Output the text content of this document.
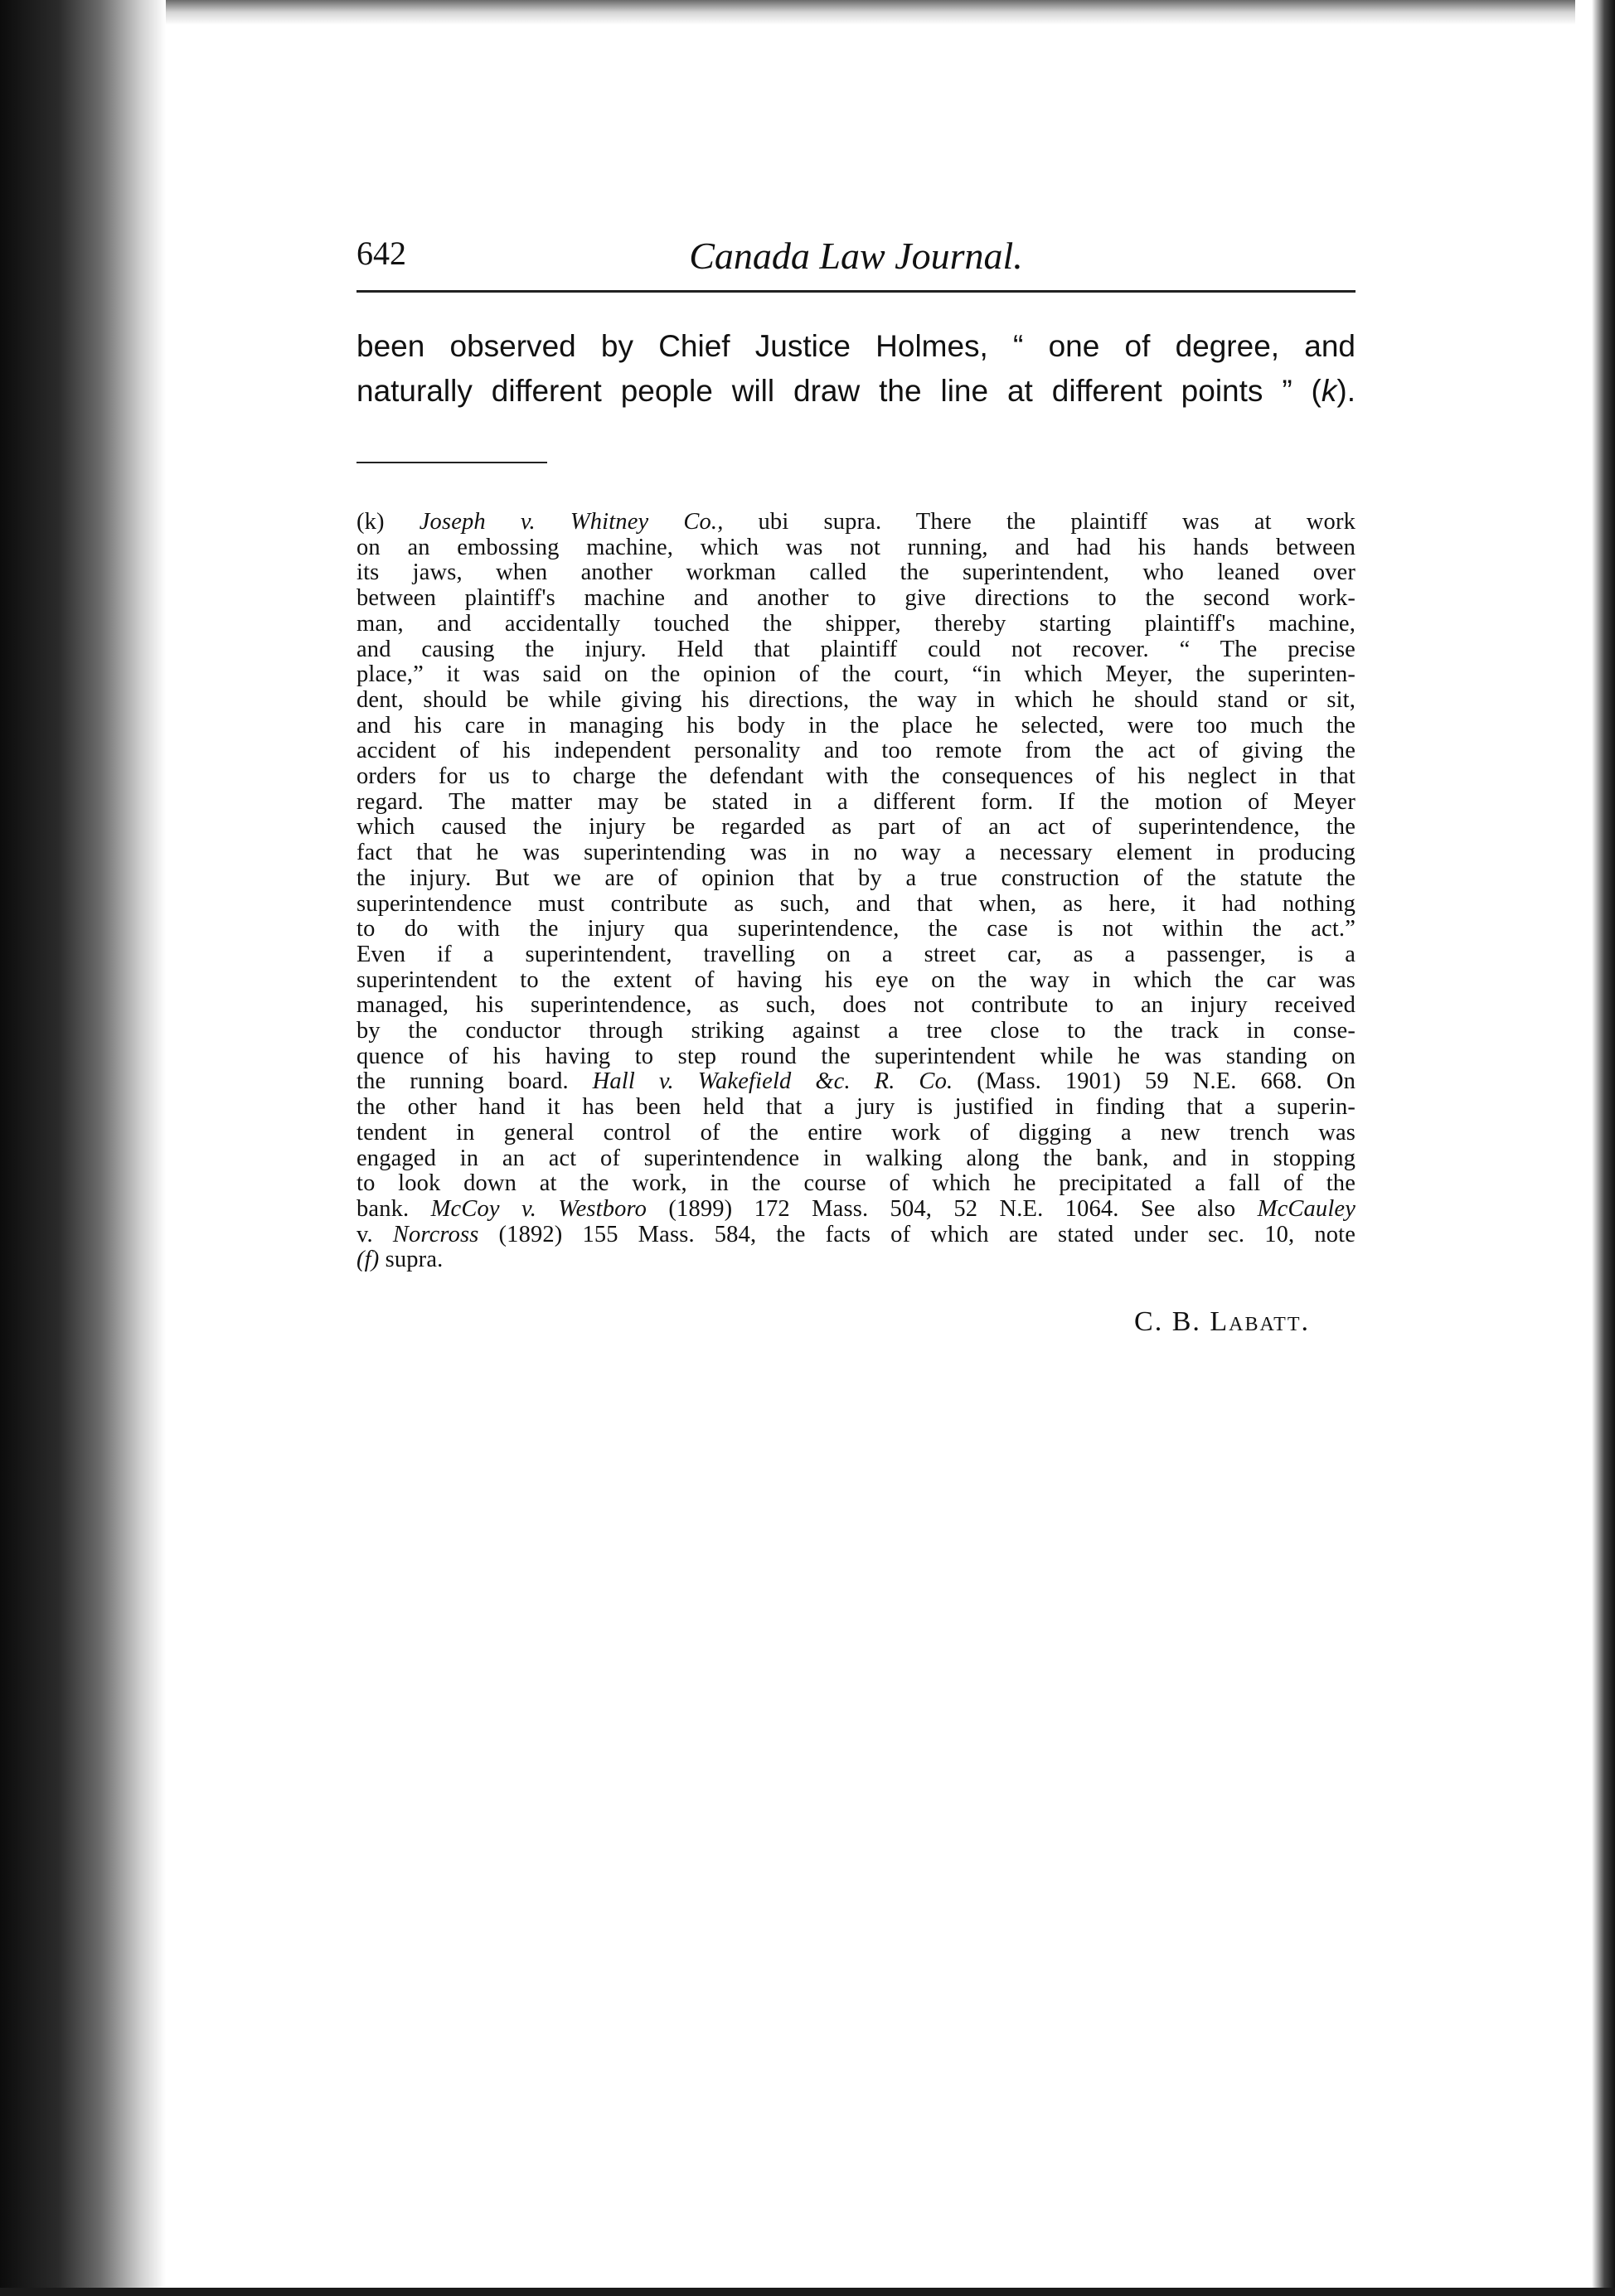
642	Canada Law Journal.

been observed by Chief Justice Holmes, “ one of degree, and
naturally different people will draw the line at different points ” (k).

(k) Joseph v. Whitney Co., ubi supra. There the plaintiff was at work
on an embossing machine, which was not running, and had his hands between
its jaws, when another workman called the superintendent, who leaned over
between plaintiff's machine and another to give directions to the second work-
man, and accidentally touched the shipper, thereby starting plaintiff's machine,
and causing the injury. Held that plaintiff could not recover. “ The precise
place,” it was said on the opinion of the court, “in which Meyer, the superinten-
dent, should be while giving his directions, the way in which he should stand or sit,
and his care in managing his body in the place he selected, were too much the
accident of his independent personality and too remote from the act of giving the
orders for us to charge the defendant with the consequences of his neglect in that
regard. The matter may be stated in a different form. If the motion of Meyer
which caused the injury be regarded as part of an act of superintendence, the
fact that he was superintending was in no way a necessary element in producing
the injury. But we are of opinion that by a true construction of the statute the
superintendence must contribute as such, and that when, as here, it had nothing
to do with the injury qua superintendence, the case is not within the act.”
Even if a superintendent, travelling on a street car, as a passenger, is a
superintendent to the extent of having his eye on the way in which the car was
managed, his superintendence, as such, does not contribute to an injury received
by the conductor through striking against a tree close to the track in conse-
quence of his having to step round the superintendent while he was standing on
the running board. Hall v. Wakefield &c. R. Co. (Mass. 1901) 59 N.E. 668. On
the other hand it has been held that a jury is justified in finding that a superin-
tendent in general control of the entire work of digging a new trench was
engaged in an act of superintendence in walking along the bank, and in stopping
to look down at the work, in the course of which he precipitated a fall of the
bank. McCoy v. Westboro (1899) 172 Mass. 504, 52 N.E. 1064. See also McCauley
v. Norcross (1892) 155 Mass. 584, the facts of which are stated under sec. 10, note
(f) supra.
C. B. Labatt.
